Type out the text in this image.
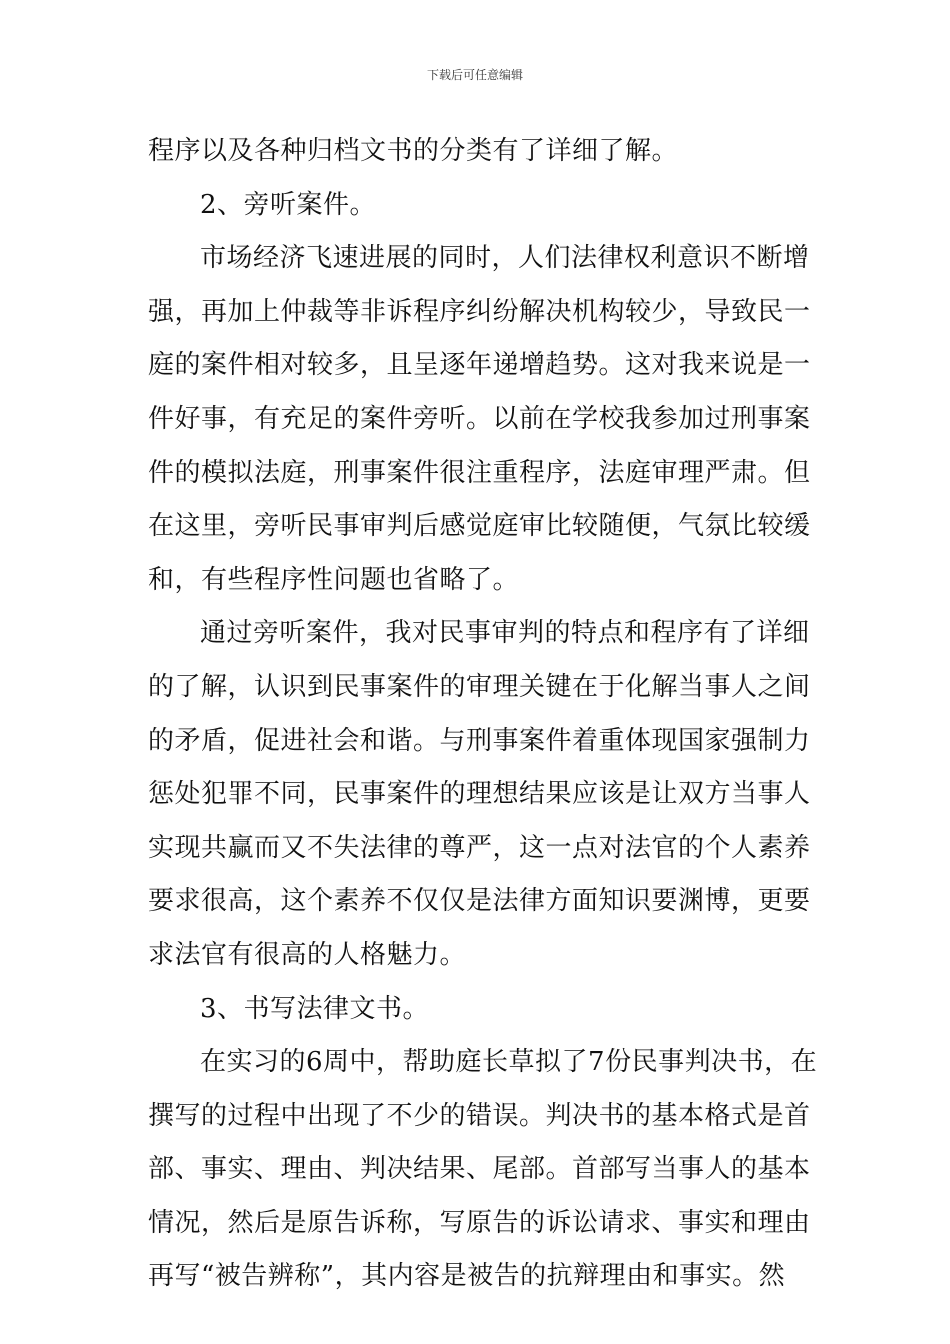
下载后可任意编辑
程序以及各种归档文书的分类有了详细了解。
2、旁听案件。
市场经济飞速进展的同时，人们法律权利意识不断增
强，再加上仲裁等非诉程序纠纷解决机构较少，导致民一
庭的案件相对较多，且呈逐年递增趋势。这对我来说是一
件好事，有充足的案件旁听。以前在学校我参加过刑事案
件的模拟法庭，刑事案件很注重程序，法庭审理严肃。但
在这里，旁听民事审判后感觉庭审比较随便，气氛比较缓
和，有些程序性问题也省略了。
通过旁听案件，我对民事审判的特点和程序有了详细
的了解，认识到民事案件的审理关键在于化解当事人之间
的矛盾，促进社会和谐。与刑事案件着重体现国家强制力
惩处犯罪不同，民事案件的理想结果应该是让双方当事人
实现共赢而又不失法律的尊严，这一点对法官的个人素养
要求很高，这个素养不仅仅是法律方面知识要渊博，更要
求法官有很高的人格魅力。
3、书写法律文书。
在实习的6周中，帮助庭长草拟了7份民事判决书，在
撰写的过程中出现了不少的错误。判决书的基本格式是首
部、事实、理由、判决结果、尾部。首部写当事人的基本
情况，然后是原告诉称，写原告的诉讼请求、事实和理由
再写“被告辨称”，其内容是被告的抗辩理由和事实。然
